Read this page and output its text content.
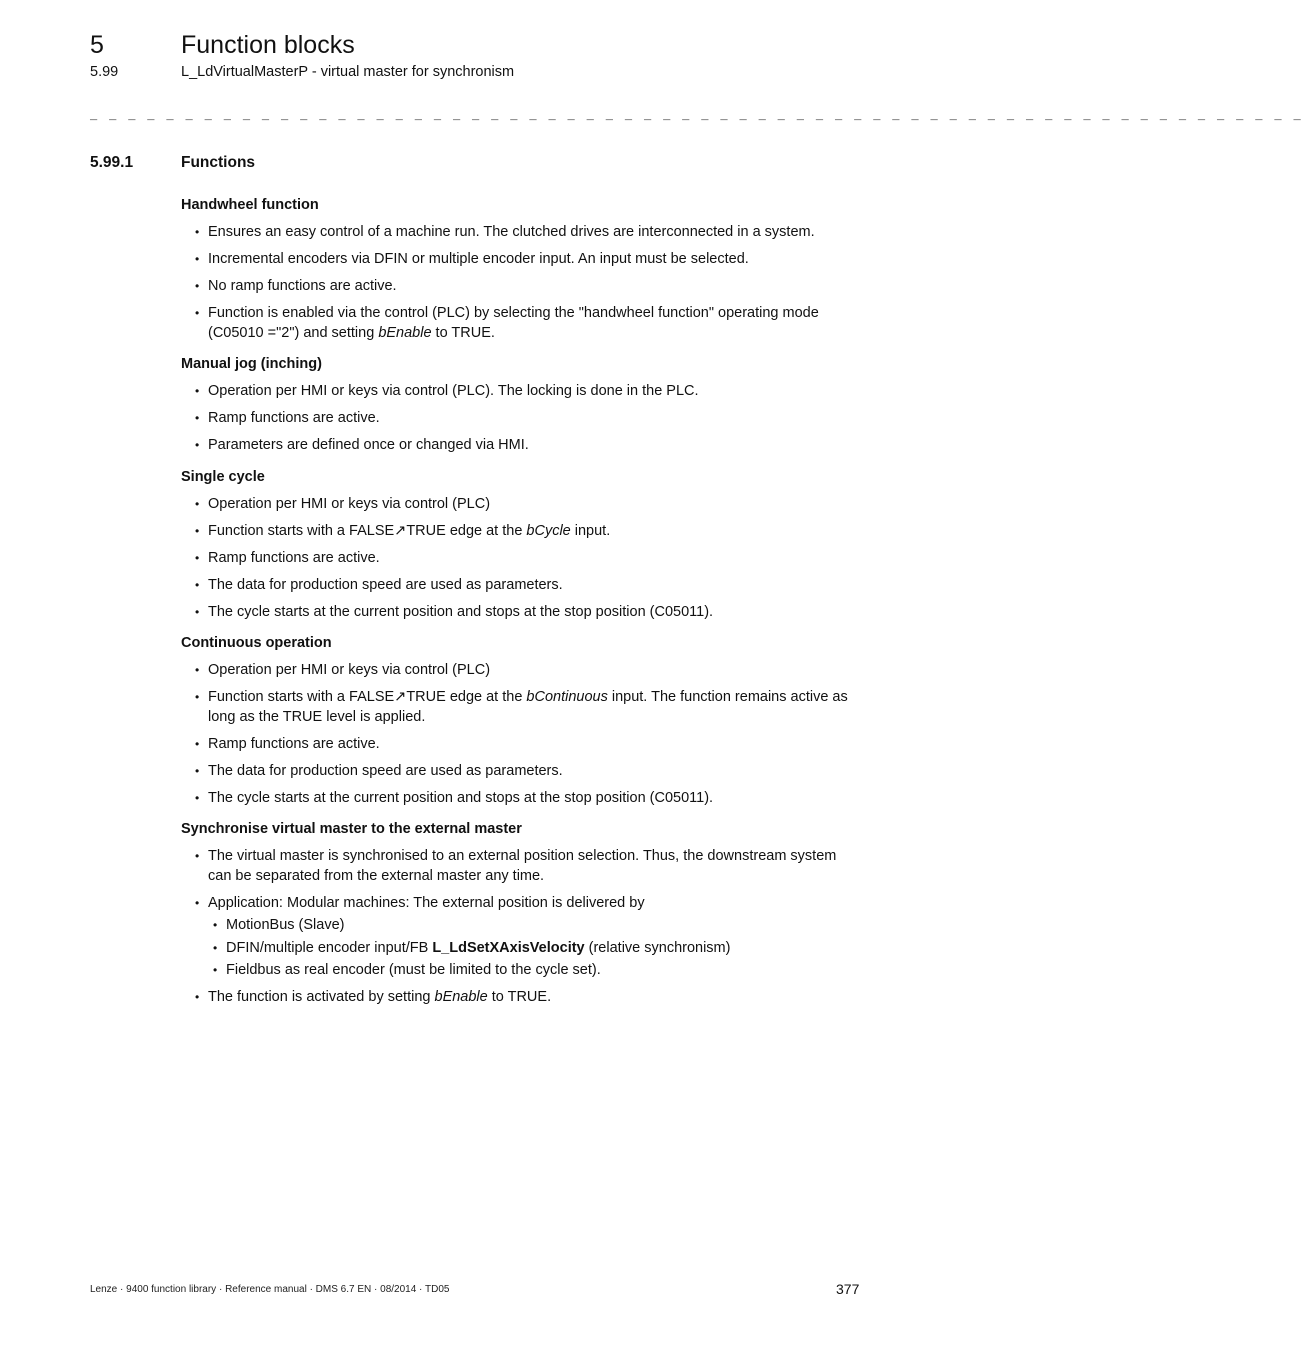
5	Function blocks
5.99	L_LdVirtualMasterP - virtual master for synchronism
_ _ _ _ _ _ _ _ _ _ _ _ _ _ _ _ _ _ _ _ _ _ _ _ _ _ _ _ _ _ _ _ _ _ _ _ _ _ _ _ _ _ _ _ _ _ _ _ _ _ _ _ _ _ _ _ _ _ _ _ _ _ _ _
5.99.1	Functions
Handwheel function
• Ensures an easy control of a machine run. The clutched drives are interconnected in a system.
• Incremental encoders via DFIN or multiple encoder input. An input must be selected.
• No ramp functions are active.
• Function is enabled via the control (PLC) by selecting the "handwheel function" operating mode (C05010 ="2") and setting bEnable to TRUE.
Manual jog (inching)
• Operation per HMI or keys via control (PLC). The locking is done in the PLC.
• Ramp functions are active.
• Parameters are defined once or changed via HMI.
Single cycle
• Operation per HMI or keys via control (PLC)
• Function starts with a FALSE↗TRUE edge at the bCycle input.
• Ramp functions are active.
• The data for production speed are used as parameters.
• The cycle starts at the current position and stops at the stop position (C05011).
Continuous operation
• Operation per HMI or keys via control (PLC)
• Function starts with a FALSE↗TRUE edge at the bContinuous input. The function remains active as long as the TRUE level is applied.
• Ramp functions are active.
• The data for production speed are used as parameters.
• The cycle starts at the current position and stops at the stop position (C05011).
Synchronise virtual master to the external master
• The virtual master is synchronised to an external position selection. Thus, the downstream system can be separated from the external master any time.
• Application: Modular machines: The external position is delivered by
• MotionBus (Slave)
• DFIN/multiple encoder input/FB L_LdSetXAxisVelocity (relative synchronism)
• Fieldbus as real encoder (must be limited to the cycle set).
• The function is activated by setting bEnable to TRUE.
Lenze · 9400 function library · Reference manual · DMS 6.7 EN · 08/2014 · TD05	377
